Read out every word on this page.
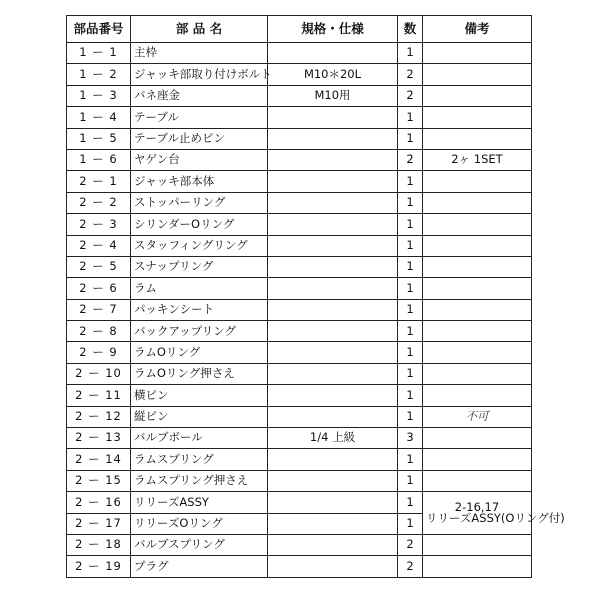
部品番号	部 品 名	規格・仕様	数	備考
1 ー 1	主枠		1	
1 ー 2	ジャッキ部取り付けボルト	M10＊20L	2	
1 ー 3	バネ座金	M10用	2	
1 ー 4	テーブル		1	
1 ー 5	テーブル止めピン		1	
1 ー 6	ヤゲン台		2	2ヶ 1SET
2 ー 1	ジャッキ部本体		1	
2 ー 2	ストッパーリング		1	
2 ー 3	シリンダーOリング		1	
2 ー 4	スタッフィングリング		1	
2 ー 5	スナップリング		1	
2 ー 6	ラム		1	
2 ー 7	パッキンシート		1	
2 ー 8	バックアップリング		1	
2 ー 9	ラムOリング		1	
2 ー 10	ラムOリング押さえ		1	
2 ー 11	横ピン		1	
2 ー 12	縦ピン		1	不可
2 ー 13	バルブボール	1/4 上級	3	
2 ー 14	ラムスプリング		1	
2 ー 15	ラムスプリング押さえ		1	
2 ー 16	リリーズASSY		1	2-16,17
リリーズASSY(Oリング付)

2 ー 17	リリーズOリング		1	
2 ー 18	バルブスプリング		2	
2 ー 19	プラグ		2	
